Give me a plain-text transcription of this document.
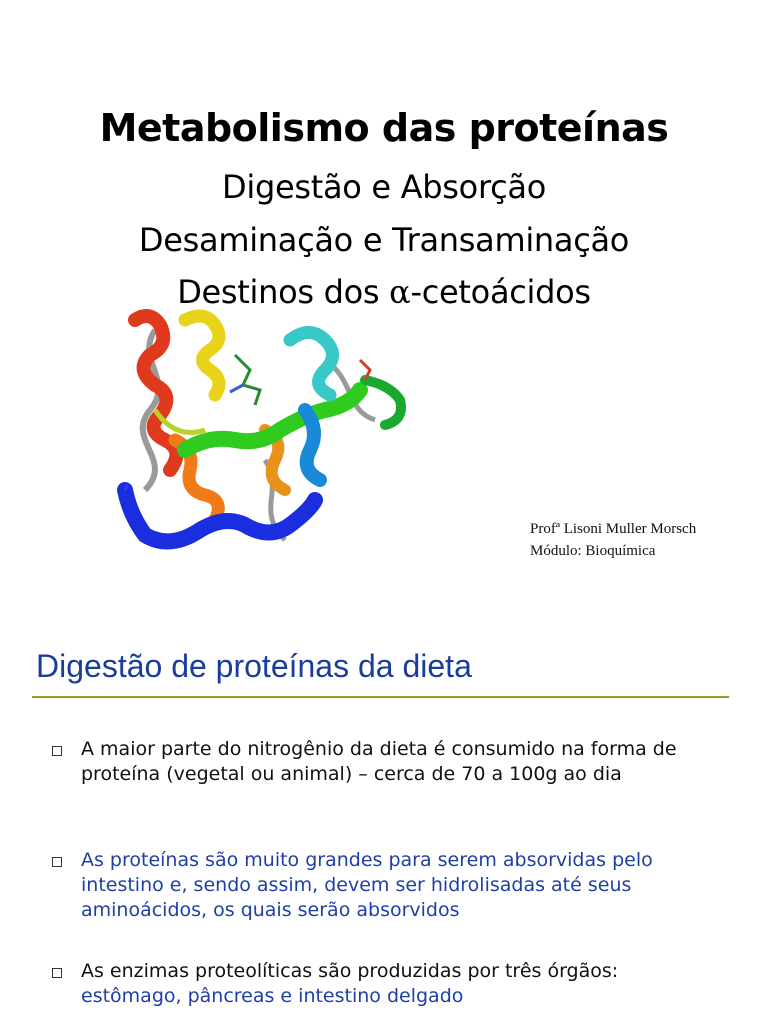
Metabolismo das proteínas
Digestão e Absorção
Desaminação e Transaminação
Destinos dos α-cetoácidos
Profª Lisoni Muller Morsch
Módulo: Bioquímica
Digestão de proteínas da dieta
A maior parte do nitrogênio da dieta é consumido na forma de proteína (vegetal ou animal) – cerca de 70 a 100g ao dia
As proteínas são muito grandes para serem absorvidas pelo intestino e, sendo assim, devem ser hidrolisadas até seus aminoácidos, os quais serão absorvidos
As enzimas proteolíticas são produzidas por três órgãos:
estômago, pâncreas e intestino delgado
